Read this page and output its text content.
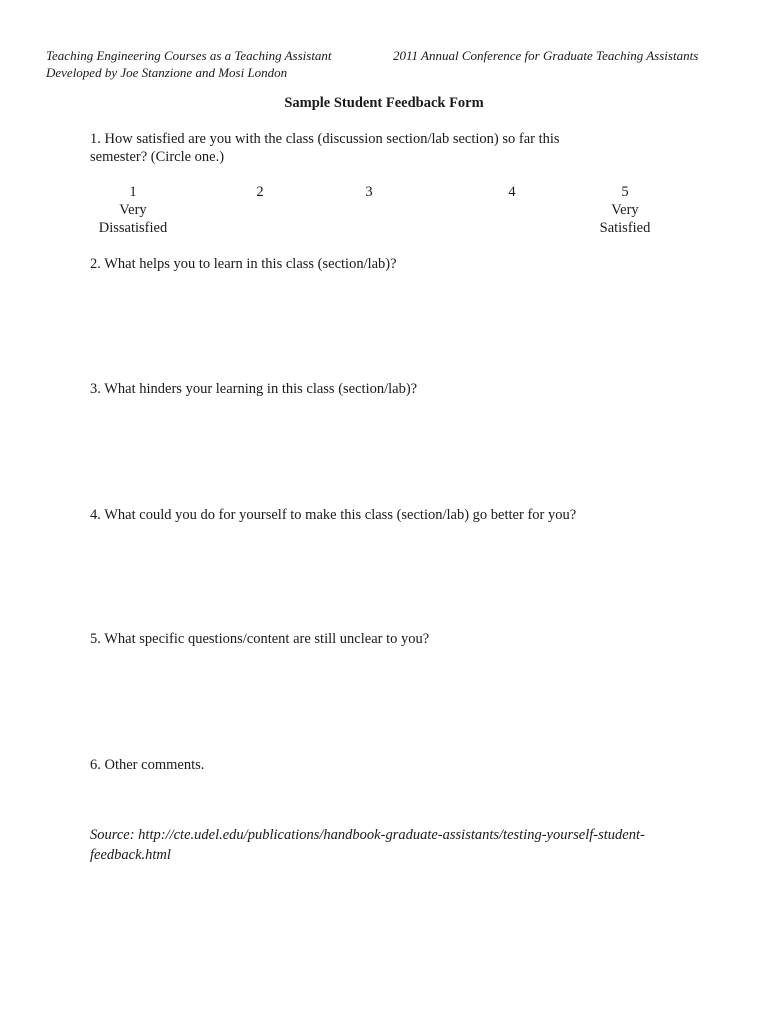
Teaching Engineering Courses as a Teaching Assistant
Developed by Joe Stanzione and Mosi London
2011 Annual Conference for Graduate Teaching Assistants
Sample Student Feedback Form
1. How satisfied are you with the class (discussion section/lab section) so far this
semester? (Circle one.)
1
Very
Dissatisfied
2	3	4	5
Very
Satisfied
2. What helps you to learn in this class (section/lab)?
3. What hinders your learning in this class (section/lab)?
4. What could you do for yourself to make this class (section/lab) go better for you?
5. What specific questions/content are still unclear to you?
6. Other comments.
Source: http://cte.udel.edu/publications/handbook-graduate-assistants/testing-yourself-student-feedback.html
